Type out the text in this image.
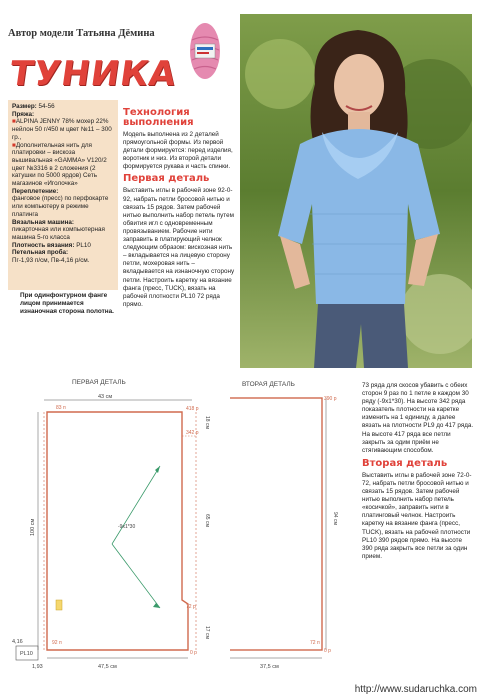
Автор модели Татьяна Дёмина
ТУНИКА
Размер: 54-56
Пряжа:
■ALPINA JENNY 78% мохер 22% нейлон 50 г/450 м цвет №11 – 300 гр.,
■Дополнительная нить для платировки – вискоза вышивальная «GAMMA» V120/2 цвет №3316 в 2 сложения (2 катушки по 5000 ярдов) Сеть магазинов «Иголочка»
Переплетение:
фанговое (пресс) по перфокарте или компьютеру в режиме платинга
Вязальная машина:
пикарточная или компьютерная машина 5-го класса
Плотность вязания: PL10
Петельная проба:
Пг-1,93 п/см, Пв-4,16 р/см.
При одинфонтурном фанге лицом принимается изнаночная сторона полотна.
Технология выполнения

Модель выполнена из 2 деталей прямоугольной формы. Из первой детали формируется: перед изделия, воротник и низ. Из второй детали формируется рукава и часть спинки.

Первая деталь

Выставить иглы в рабочей зоне 92-0-92, набрать петли бросовой нитью и связать 15 рядов. Затем рабочей нитью выполнить набор петель путем обвития игл с одновременным провязыванием. Рабочие нити заправить в платирующий челнок следующим образом: вискозная нить – вкладывается на лицевую сторону петли, мохеровая нить – вкладывается на изнаночную сторону петли. Настроить каретку на вязание фанга (пресс, TUCK), вязать на рабочей плотности PL10 72 ряда прямо.

ПЕРВАЯ ДЕТАЛЬ
43 см
83 п
100 см
418 р
342 р
72 р
0 р
18 см
65 см
17 см
-9х1*30
92 п
47,5 см
4,16
PL10
1,93
ВТОРАЯ ДЕТАЛЬ
390 р
0 р
94 см
72 п
37,5 см

73 ряда для скосов убавить с обеих сторон 9 раз по 1 петле в каждом 30 ряду (-9х1*30). На высоте 342 ряда показатель плотности на каретке изменить на 1 единицу, а далее вязать на плотности PL9 до 417 ряда. На высоте 417 ряда все петли закрыть за одим приём не стягивающим способом.

Вторая деталь

Выставить иглы в рабочей зоне 72-0-72, набрать петли бросовой нитью и связать 15 рядов. Затем рабочей нитью выполнить набор петель «косичкой», заправить нити в платинговый челнок. Настроить каретку на вязание фанга (пресс, TUCK), вязать на рабочей плотности PL10 390 рядов прямо. На высоте 390 ряда закрыть все петли за один прием.

http://www.sudaruchka.com
